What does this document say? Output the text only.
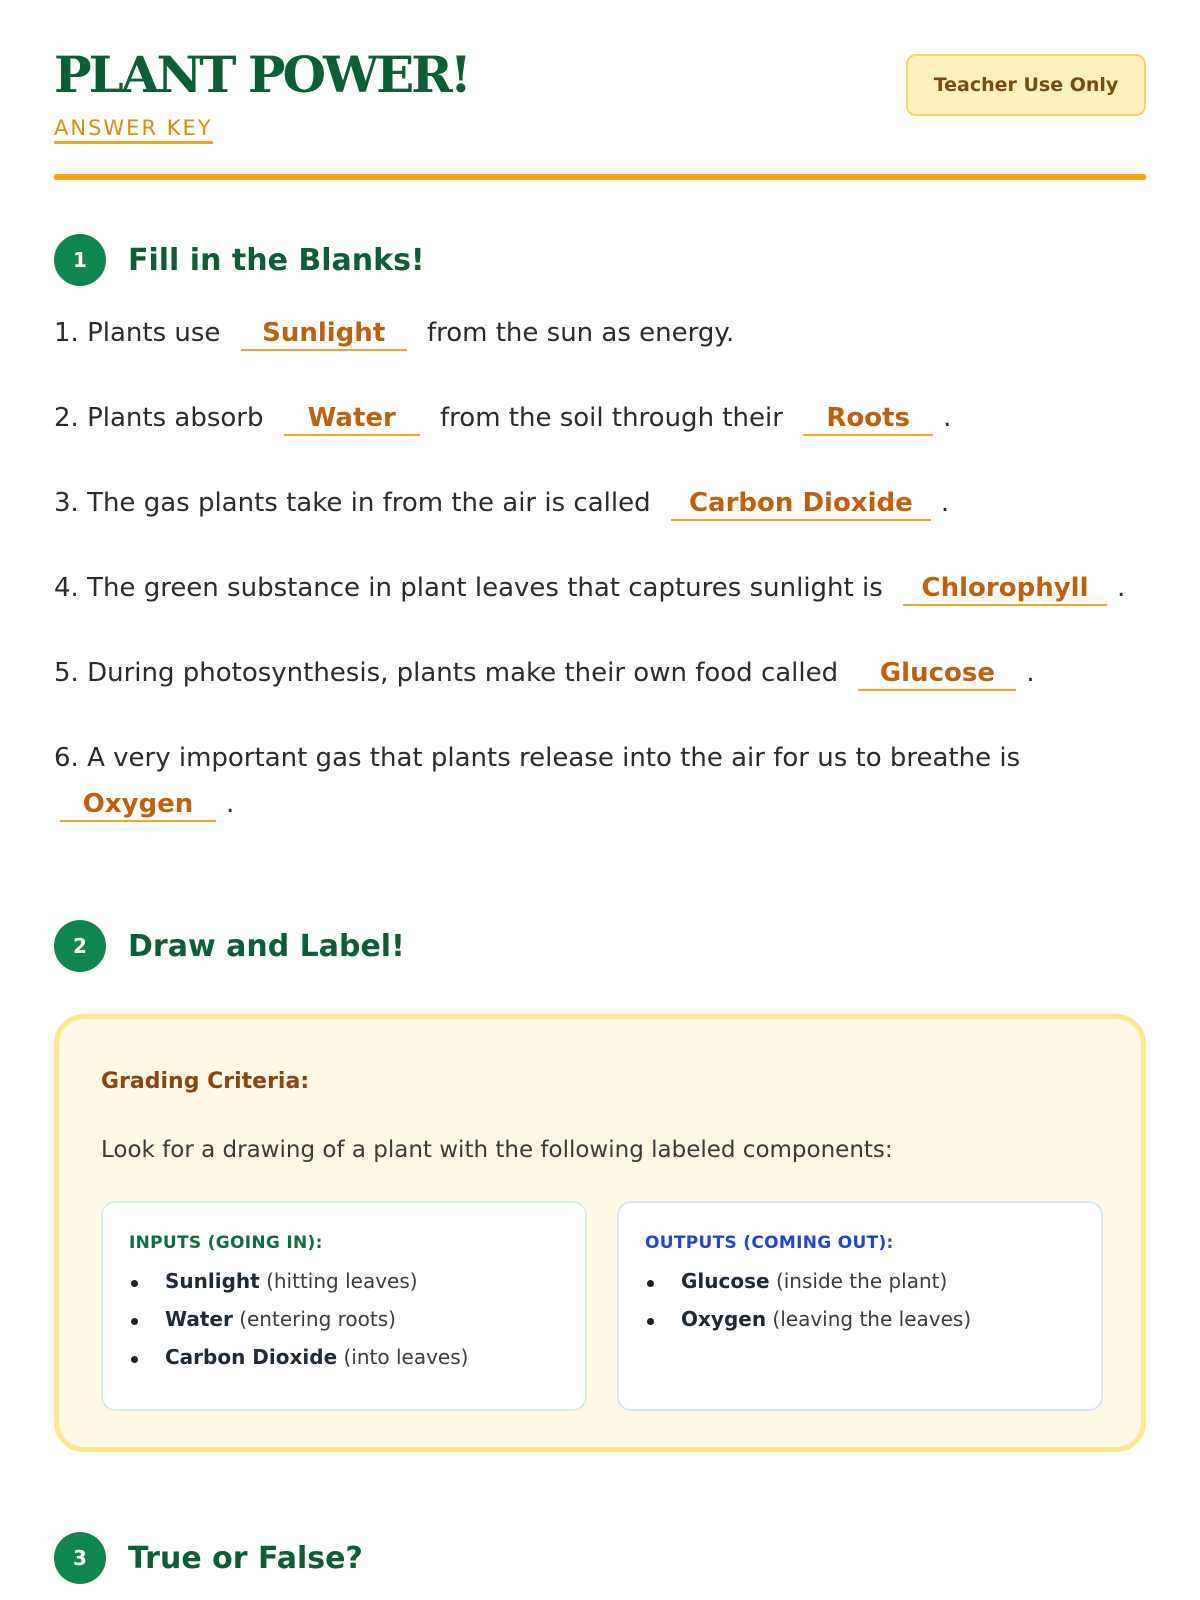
PLANT POWER!
ANSWER KEY
Teacher Use Only
1	Fill in the Blanks!
1. Plants use Sunlight from the sun as energy.
2. Plants absorb Water from the soil through their Roots .
3. The gas plants take in from the air is called Carbon Dioxide .
4. The green substance in plant leaves that captures sunlight is Chlorophyll .
5. During photosynthesis, plants make their own food called Glucose .
6. A very important gas that plants release into the air for us to breathe is
Oxygen .
2	Draw and Label!
Grading Criteria:
Look for a drawing of a plant with the following labeled components:
INPUTS (GOING IN):
Sunlight (hitting leaves)
Water (entering roots)
Carbon Dioxide (into leaves)
OUTPUTS (COMING OUT):
Glucose (inside the plant)
Oxygen (leaving the leaves)
3	True or False?
